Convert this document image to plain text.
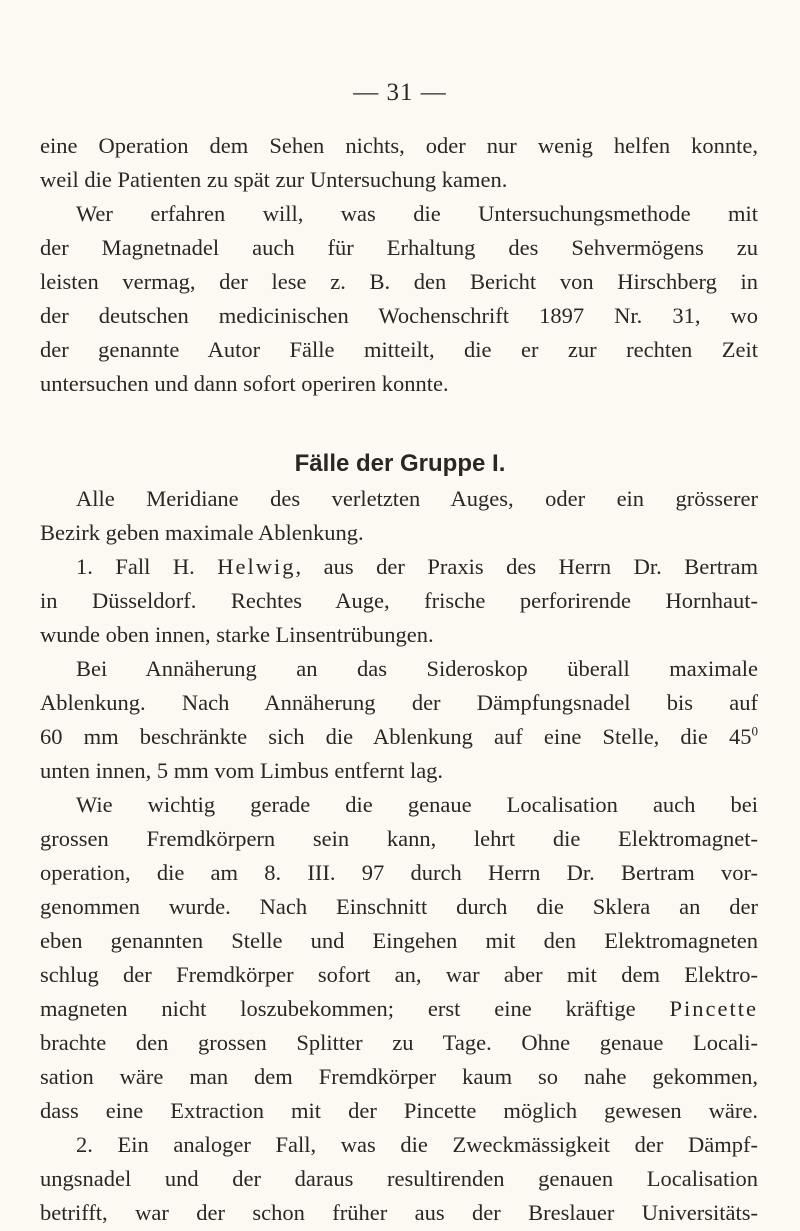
— 31 —
eine Operation dem Sehen nichts, oder nur wenig helfen konnte,
weil die Patienten zu spät zur Untersuchung kamen.
Wer erfahren will, was die Untersuchungsmethode mit
der Magnetnadel auch für Erhaltung des Sehvermögens zu
leisten vermag, der lese z. B. den Bericht von Hirschberg in
der deutschen medicinischen Wochenschrift 1897 Nr. 31, wo
der genannte Autor Fälle mitteilt, die er zur rechten Zeit
untersuchen und dann sofort operiren konnte.
Fälle der Gruppe I.
Alle Meridiane des verletzten Auges, oder ein grösserer
Bezirk geben maximale Ablenkung.
1. Fall H. Helwig, aus der Praxis des Herrn Dr. Bertram
in Düsseldorf. Rechtes Auge, frische perforirende Hornhaut-
wunde oben innen, starke Linsentrübungen.
Bei Annäherung an das Sideroskop überall maximale
Ablenkung. Nach Annäherung der Dämpfungsnadel bis auf
60 mm beschränkte sich die Ablenkung auf eine Stelle, die $45^0$
unten innen, 5 mm vom Limbus entfernt lag.
Wie wichtig gerade die genaue Localisation auch bei
grossen Fremdkörpern sein kann, lehrt die Elektromagnet-
operation, die am 8. III. 97 durch Herrn Dr. Bertram vor-
genommen wurde. Nach Einschnitt durch die Sklera an der
eben genannten Stelle und Eingehen mit den Elektromagneten
schlug der Fremdkörper sofort an, war aber mit dem Elektro-
magneten nicht loszubekommen; erst eine kräftige Pincette
brachte den grossen Splitter zu Tage. Ohne genaue Locali-
sation wäre man dem Fremdkörper kaum so nahe gekommen,
dass eine Extraction mit der Pincette möglich gewesen wäre.
2. Ein analoger Fall, was die Zweckmässigkeit der Dämpf-
ungsnadel und der daraus resultirenden genauen Localisation
betrifft, war der schon früher aus der Breslauer Universitäts-
